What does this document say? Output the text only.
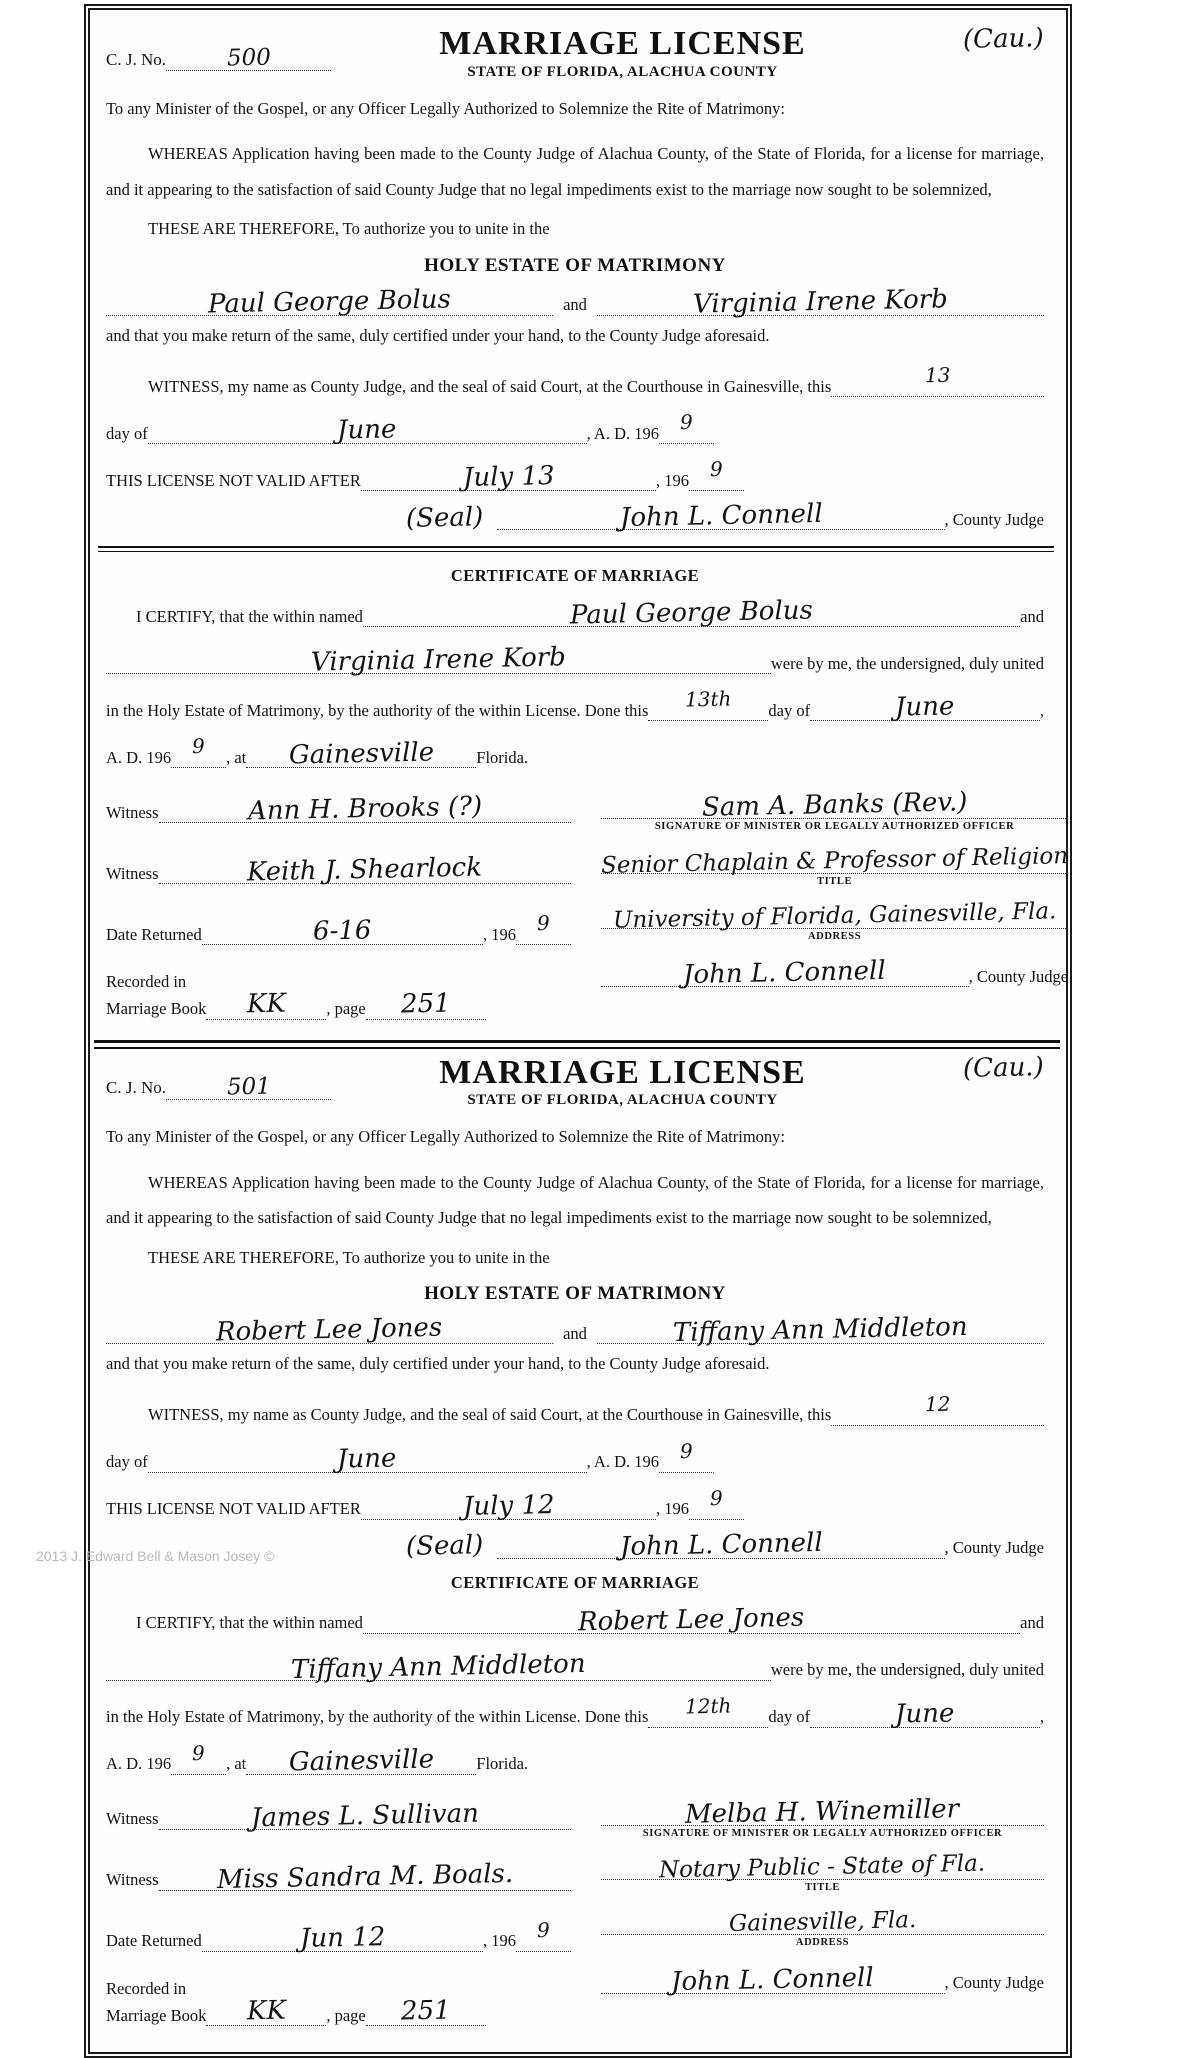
2013 J. Edward Bell & Mason Josey ©
C. J. No.	500	MARRIAGE LICENSE
STATE OF FLORIDA, ALACHUA COUNTY
(Cau.)

To any Minister of the Gospel, or any Officer Legally Authorized to Solemnize the Rite of Matrimony:

WHEREAS Application having been made to the County Judge of Alachua County, of the State of Florida, for a license for marriage, and it appearing to the satisfaction of said County Judge that no legal impediments exist to the marriage now sought to be solemnized,

THESE ARE THEREFORE, To authorize you to unite in the

HOLY ESTATE OF MATRIMONY
Paul George Bolus	and	Virginia Irene Korb

and that you make return of the same, duly certified under your hand, to the County Judge aforesaid.

WITNESS, my name as County Judge, and the seal of said Court, at the Courthouse in Gainesville, this	13
day of	June	, A. D. 196	9
THIS LICENSE NOT VALID AFTER	July 13	, 196	9
(Seal)	John L. Connell	, County Judge
CERTIFICATE OF MARRIAGE
I CERTIFY, that the within named	Paul George Bolus	and
Virginia Irene Korb	were by me, the undersigned, duly united
in the Holy Estate of Matrimony, by the authority of the within License. Done this	13th	day of	June	,
A. D. 196	9	, at	Gainesville	Florida.
Witness	Ann H. Brooks (?)
Witness	Keith J. Shearlock
Date Returned	6-16	, 196	9
Recorded in
Marriage Book	KK	, page	251
Sam A. Banks (Rev.)
SIGNATURE OF MINISTER OR LEGALLY AUTHORIZED OFFICER
Senior Chaplain & Professor of Religion
TITLE
University of Florida, Gainesville, Fla.
ADDRESS
John L. Connell	, County Judge
C. J. No.	501	MARRIAGE LICENSE
STATE OF FLORIDA, ALACHUA COUNTY
(Cau.)

To any Minister of the Gospel, or any Officer Legally Authorized to Solemnize the Rite of Matrimony:

WHEREAS Application having been made to the County Judge of Alachua County, of the State of Florida, for a license for marriage, and it appearing to the satisfaction of said County Judge that no legal impediments exist to the marriage now sought to be solemnized,

THESE ARE THEREFORE, To authorize you to unite in the

HOLY ESTATE OF MATRIMONY
Robert Lee Jones	and	Tiffany Ann Middleton

and that you make return of the same, duly certified under your hand, to the County Judge aforesaid.

WITNESS, my name as County Judge, and the seal of said Court, at the Courthouse in Gainesville, this	12
day of	June	, A. D. 196	9
THIS LICENSE NOT VALID AFTER	July 12	, 196	9
(Seal)	John L. Connell	, County Judge
CERTIFICATE OF MARRIAGE
I CERTIFY, that the within named	Robert Lee Jones	and
Tiffany Ann Middleton	were by me, the undersigned, duly united
in the Holy Estate of Matrimony, by the authority of the within License. Done this	12th	day of	June	,
A. D. 196	9	, at	Gainesville	Florida.
Witness	James L. Sullivan
Witness	Miss Sandra M. Boals.
Date Returned	Jun 12	, 196	9
Recorded in
Marriage Book	KK	, page	251
Melba H. Winemiller
SIGNATURE OF MINISTER OR LEGALLY AUTHORIZED OFFICER
Notary Public - State of Fla.
TITLE
Gainesville, Fla.
ADDRESS
John L. Connell	, County Judge
